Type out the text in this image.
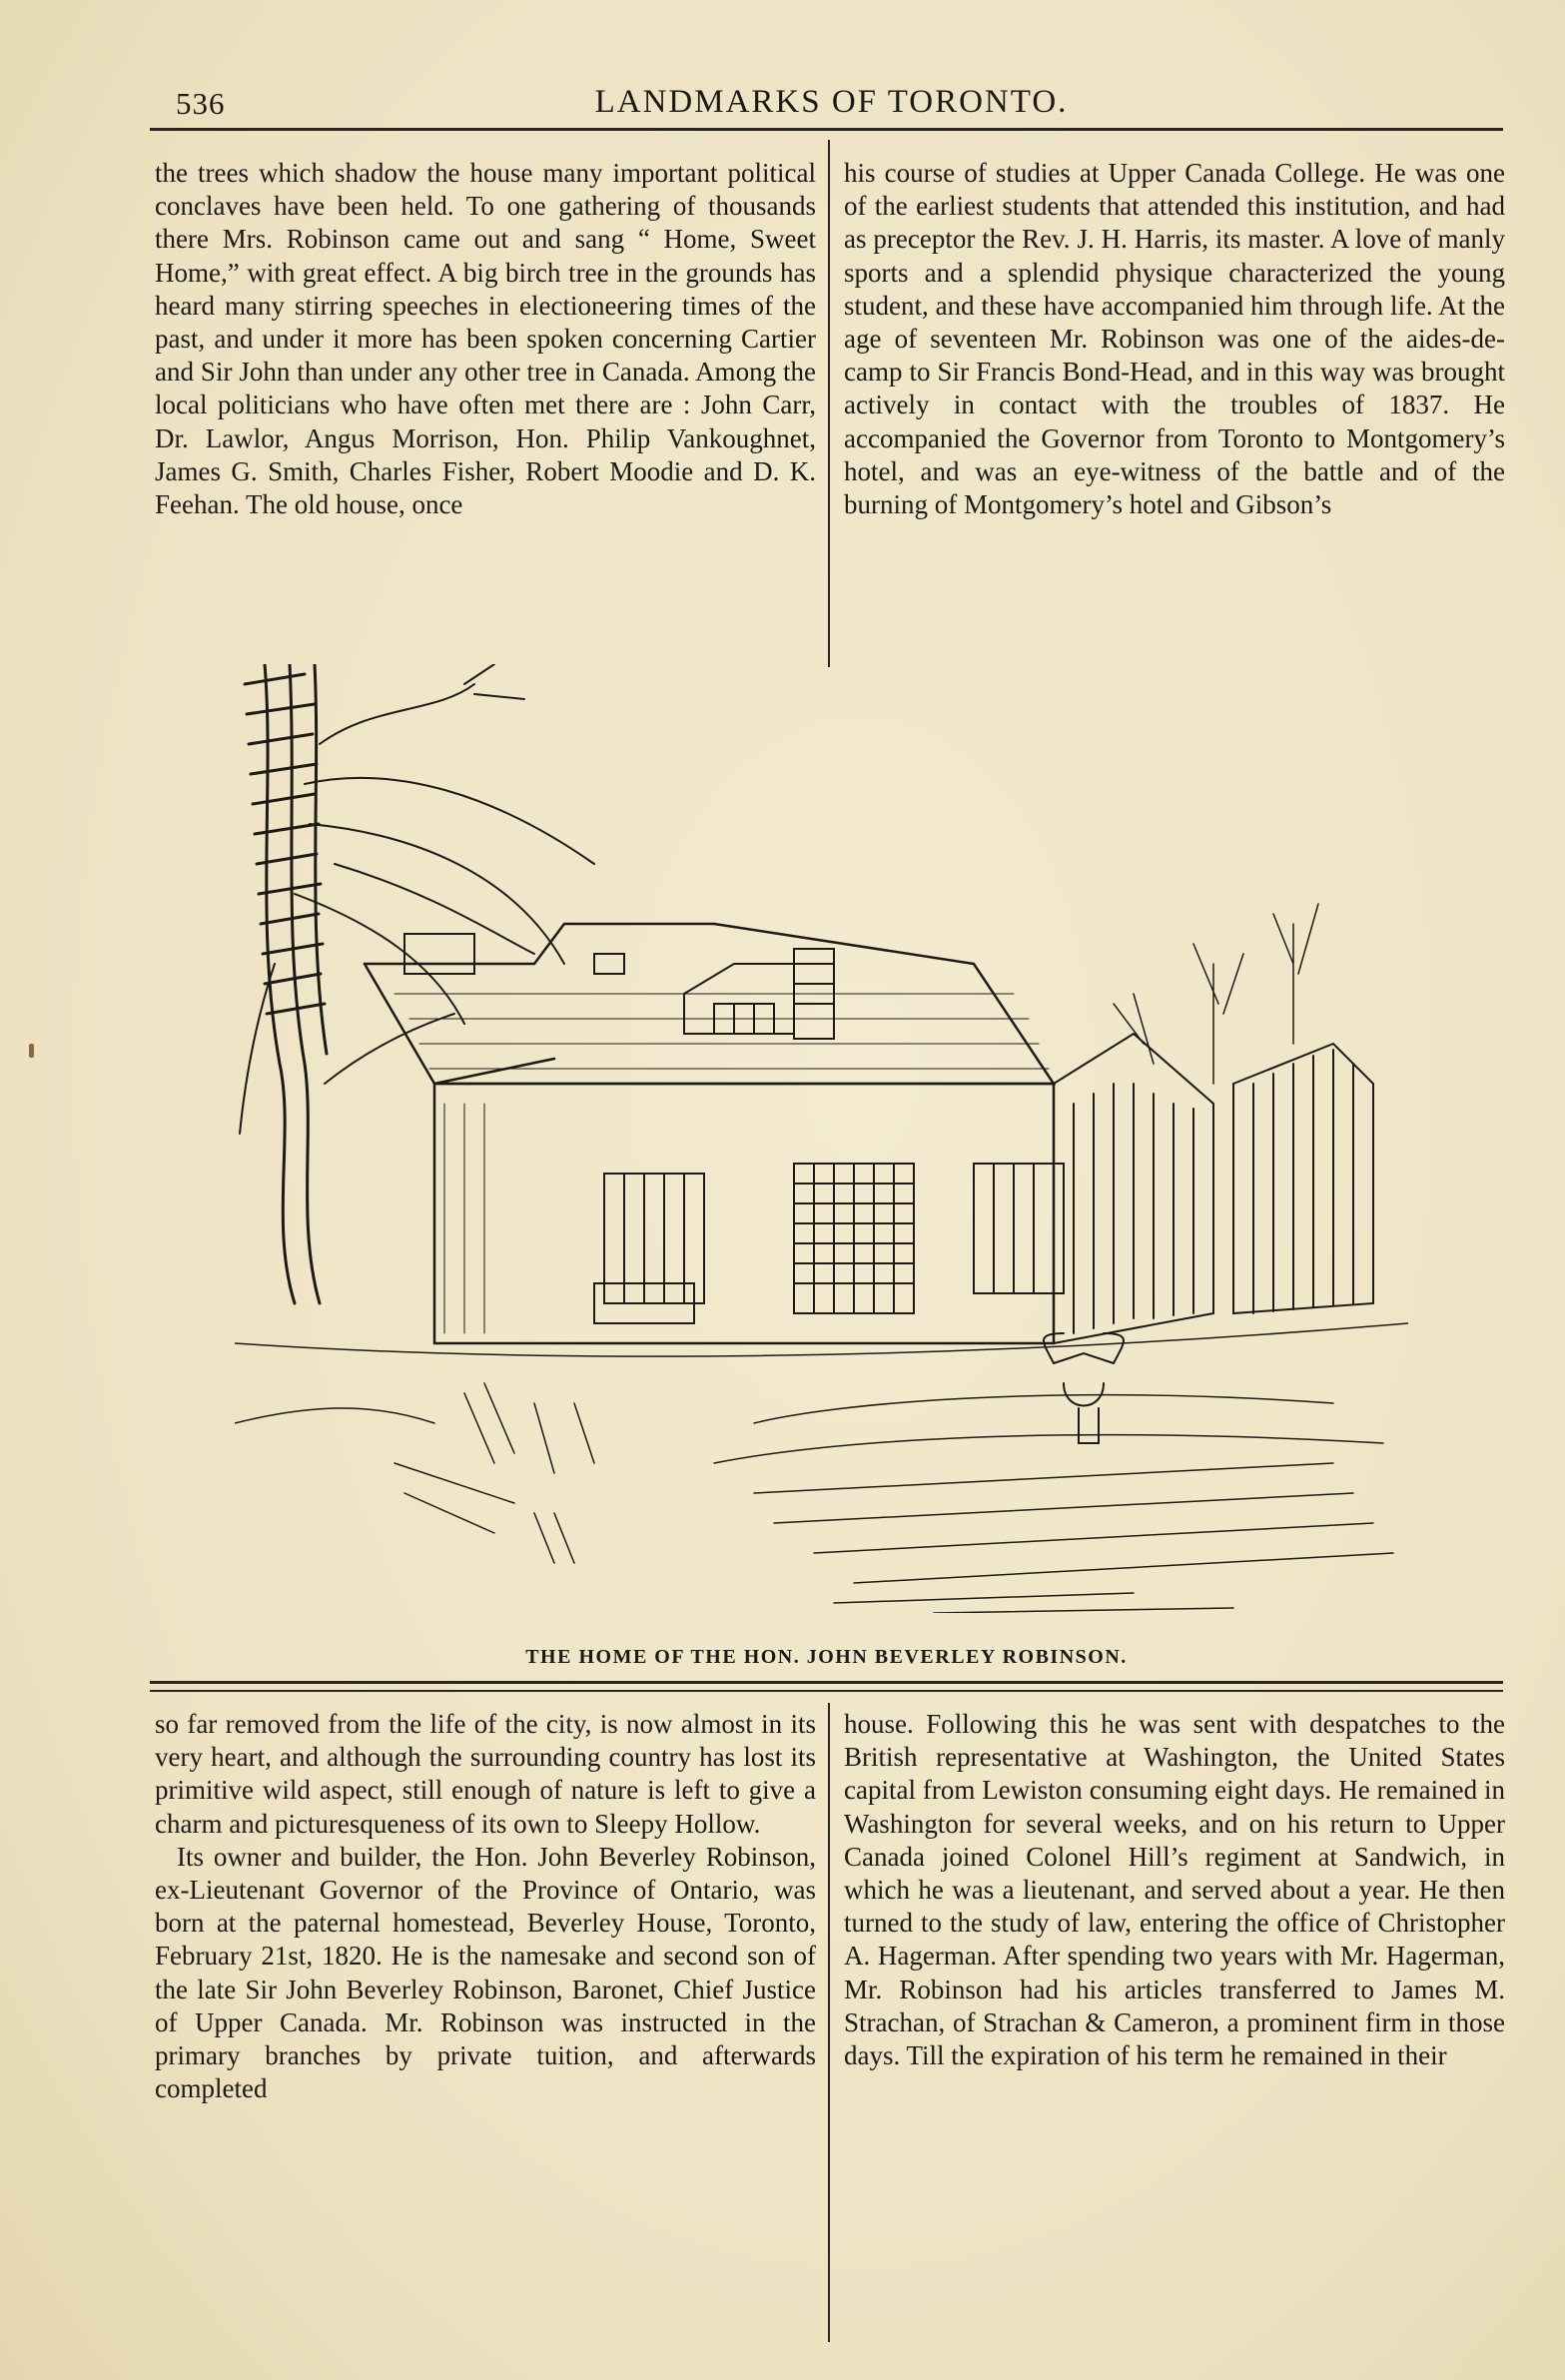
536	LANDMARKS OF TORONTO.

the trees which shadow the house many important political conclaves have been held. To one gathering of thousands there Mrs. Robinson came out and sang “ Home, Sweet Home,” with great effect. A big birch tree in the grounds has heard many stirring speeches in electioneering times of the past, and under it more has been spoken concerning Cartier and Sir John than under any other tree in Canada. Among the local politicians who have often met there are : John Carr, Dr. Lawlor, Angus Morrison, Hon. Philip Vankoughnet, James G. Smith, Charles Fisher, Robert Moodie and D. K. Feehan. The old house, once

his course of studies at Upper Canada College. He was one of the earliest students that attended this institution, and had as preceptor the Rev. J. H. Harris, its master. A love of manly sports and a splendid physique characterized the young student, and these have accompanied him through life. At the age of seventeen Mr. Robinson was one of the aides-de-camp to Sir Francis Bond-Head, and in this way was brought actively in contact with the troubles of 1837. He accompanied the Governor from Toronto to Montgomery’s hotel, and was an eye-witness of the battle and of the burning of Montgomery’s hotel and Gibson’s

THE HOME OF THE HON. JOHN BEVERLEY ROBINSON.

so far removed from the life of the city, is now almost in its very heart, and although the surrounding country has lost its primitive wild aspect, still enough of nature is left to give a charm and picturesqueness of its own to Sleepy Hollow.

Its owner and builder, the Hon. John Beverley Robinson, ex-Lieutenant Governor of the Province of Ontario, was born at the paternal homestead, Beverley House, Toronto, February 21st, 1820. He is the namesake and second son of the late Sir John Beverley Robinson, Baronet, Chief Justice of Upper Canada. Mr. Robinson was instructed in the primary branches by private tuition, and afterwards completed

house. Following this he was sent with despatches to the British representative at Washington, the United States capital from Lewiston consuming eight days. He remained in Washington for several weeks, and on his return to Upper Canada joined Colonel Hill’s regiment at Sandwich, in which he was a lieutenant, and served about a year. He then turned to the study of law, entering the office of Christopher A. Hagerman. After spending two years with Mr. Hagerman, Mr. Robinson had his articles transferred to James M. Strachan, of Strachan & Cameron, a prominent firm in those days. Till the expiration of his term he remained in their
